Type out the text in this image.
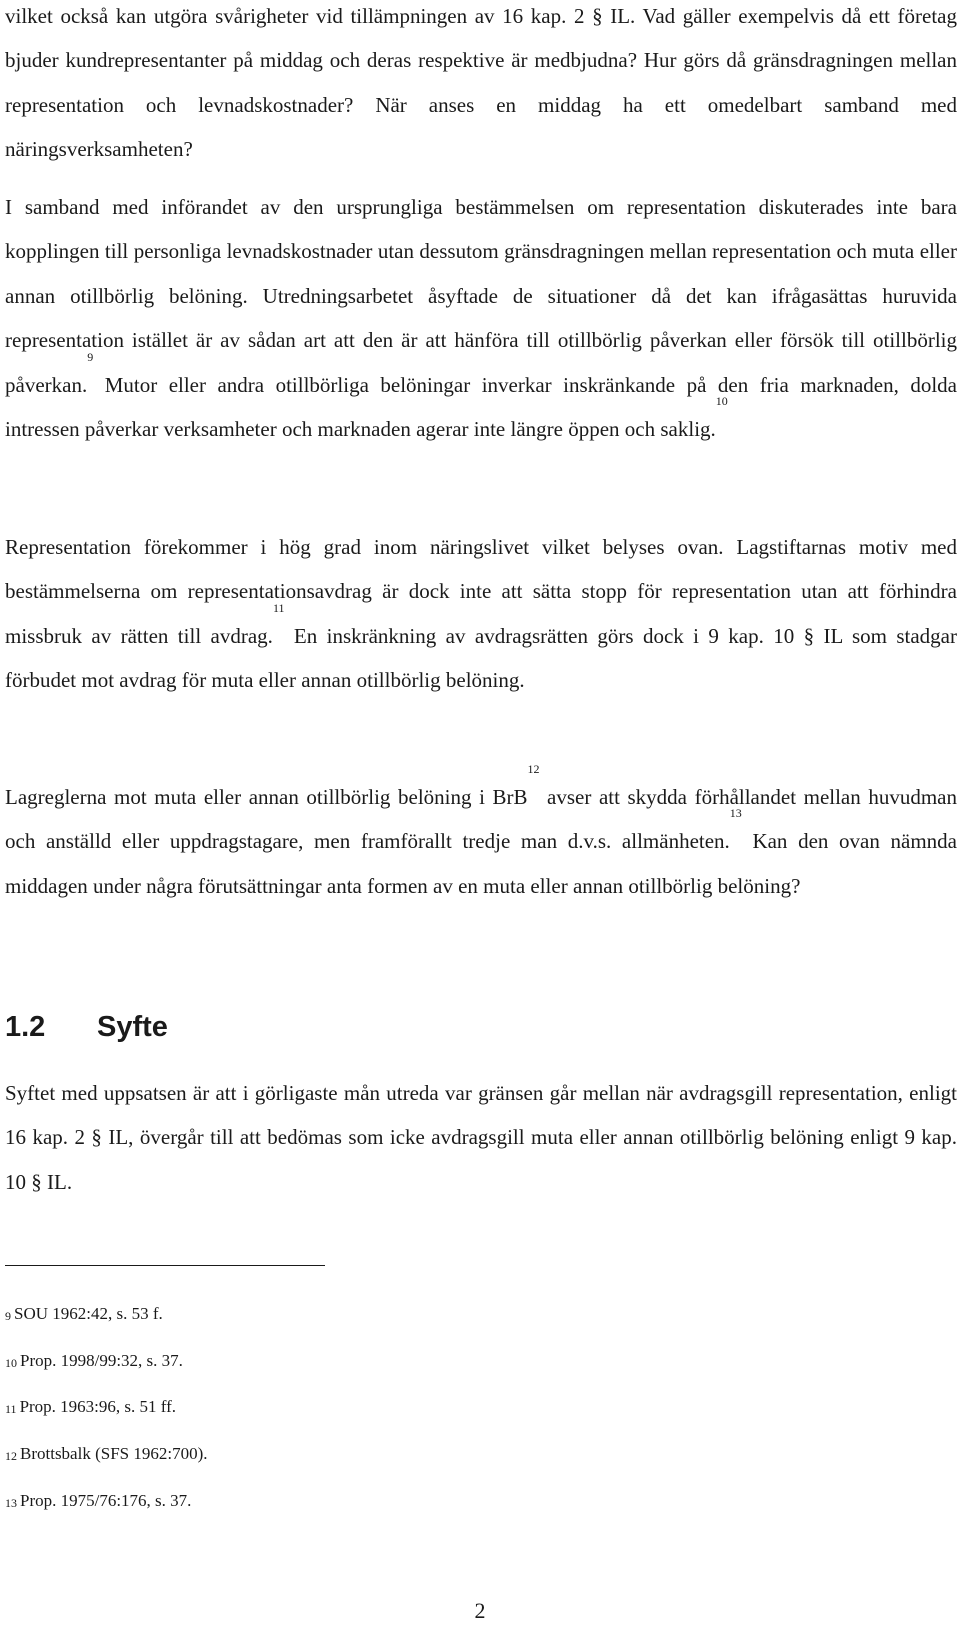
vilket också kan utgöra svårigheter vid tillämpningen av 16 kap. 2 § IL. Vad gäller exempelvis då ett företag bjuder kundrepresentanter på middag och deras respektive är medbjudna? Hur görs då gränsdragningen mellan representation och levnadskostnader? När anses en middag ha ett omedelbart samband med näringsverksamheten?

I samband med införandet av den ursprungliga bestämmelsen om representation diskuterades inte bara kopplingen till personliga levnadskostnader utan dessutom gränsdragningen mellan representation och muta eller annan otillbörlig belöning. Utredningsarbetet åsyftade de situationer då det kan ifrågasättas huruvida representation istället är av sådan art att den är att hänföra till otillbörlig påverkan eller försök till otillbörlig påverkan.$^9$ Mutor eller andra otillbörliga belöningar inverkar inskränkande på den fria marknaden, dolda intressen påverkar verksamheter och marknaden agerar inte längre öppen och saklig.$^{10}$

Representation förekommer i hög grad inom näringslivet vilket belyses ovan. Lagstiftarnas motiv med bestämmelserna om representationsavdrag är dock inte att sätta stopp för representation utan att förhindra missbruk av rätten till avdrag.$^{11}$ En inskränkning av avdragsrätten görs dock i 9 kap. 10 § IL som stadgar förbudet mot avdrag för muta eller annan otillbörlig belöning.

Lagreglerna mot muta eller annan otillbörlig belöning i BrB$^{12}$ avser att skydda förhållandet mellan huvudman och anställd eller uppdragstagare, men framförallt tredje man d.v.s. allmänheten.$^{13}$ Kan den ovan nämnda middagen under några förutsättningar anta formen av en muta eller annan otillbörlig belöning?

1.2 Syfte

Syftet med uppsatsen är att i görligaste mån utreda var gränsen går mellan när avdragsgill representation, enligt 16 kap. 2 § IL, övergår till att bedömas som icke avdragsgill muta eller annan otillbörlig belöning enligt 9 kap. 10 § IL.

$^9$ SOU 1962:42, s. 53 f.
$^{10}$ Prop. 1998/99:32, s. 37.
$^{11}$ Prop. 1963:96, s. 51 ff.
$^{12}$ Brottsbalk (SFS 1962:700).
$^{13}$ Prop. 1975/76:176, s. 37.
2
